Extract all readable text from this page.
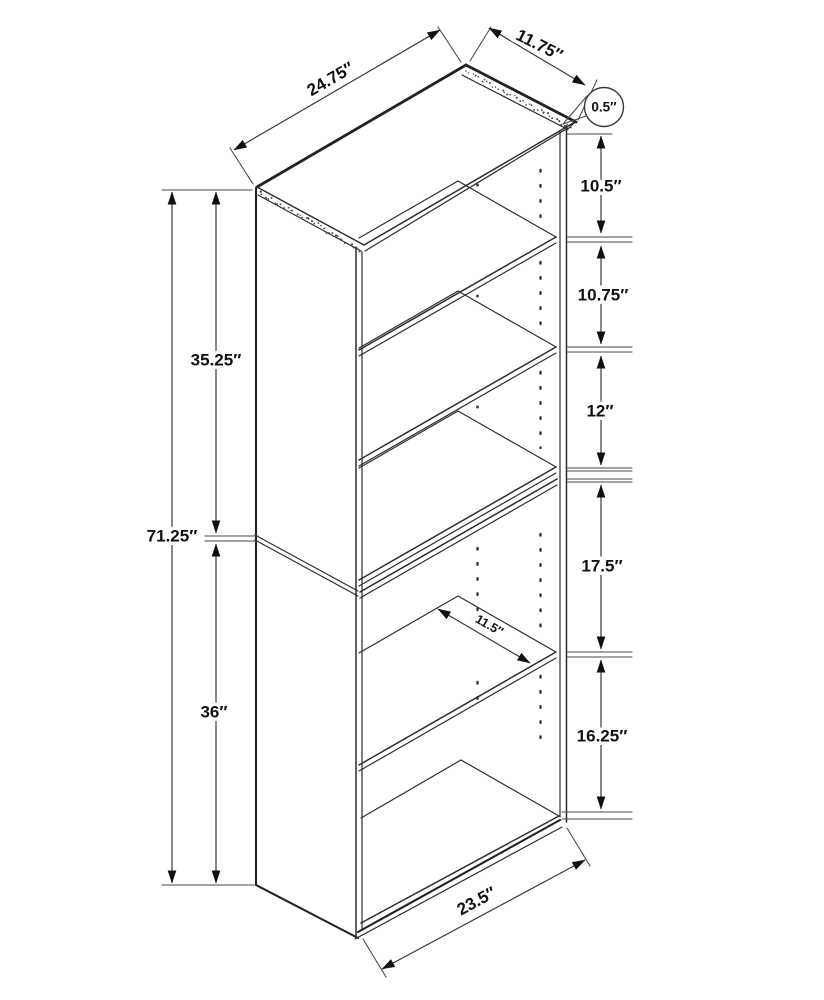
10.5″
10.75″
12″
17.5″
16.25″
35.25″
71.25″
36″
24.75″
11.75″
0.5″
11.5″
23.5″
